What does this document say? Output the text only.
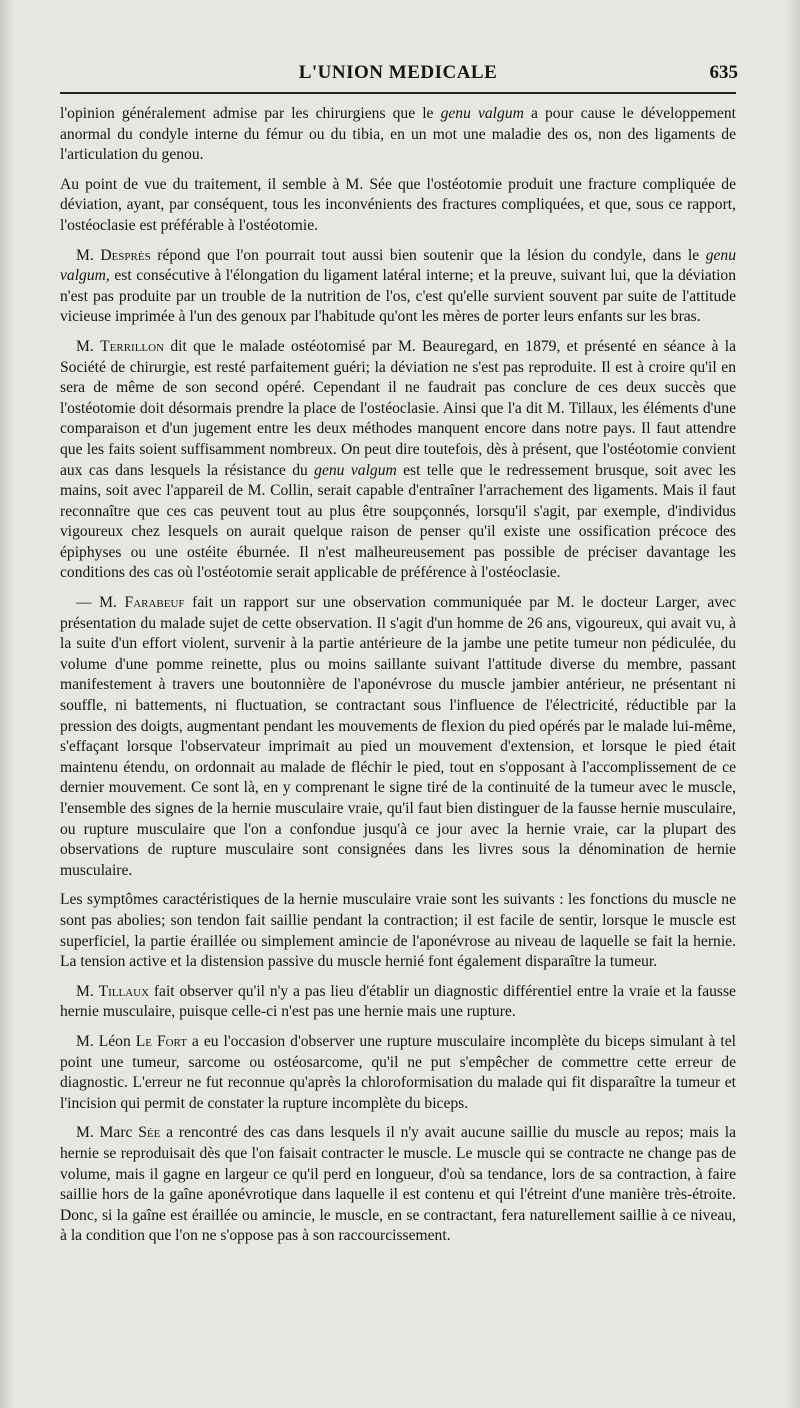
L'UNION MEDICALE	635

l'opinion généralement admise par les chirurgiens que le genu valgum a pour cause le développement anormal du condyle interne du fémur ou du tibia, en un mot une maladie des os, non des ligaments de l'articulation du genou.

Au point de vue du traitement, il semble à M. Sée que l'ostéotomie produit une fracture compliquée de déviation, ayant, par conséquent, tous les inconvénients des fractures compliquées, et que, sous ce rapport, l'ostéoclasie est préférable à l'ostéotomie.

M. Desprès répond que l'on pourrait tout aussi bien soutenir que la lésion du condyle, dans le genu valgum, est consécutive à l'élongation du ligament latéral interne; et la preuve, suivant lui, que la déviation n'est pas produite par un trouble de la nutrition de l'os, c'est qu'elle survient souvent par suite de l'attitude vicieuse imprimée à l'un des genoux par l'habitude qu'ont les mères de porter leurs enfants sur les bras.

M. Terrillon dit que le malade ostéotomisé par M. Beauregard, en 1879, et présenté en séance à la Société de chirurgie, est resté parfaitement guéri; la déviation ne s'est pas reproduite. Il est à croire qu'il en sera de même de son second opéré. Cependant il ne faudrait pas conclure de ces deux succès que l'ostéotomie doit désormais prendre la place de l'ostéoclasie. Ainsi que l'a dit M. Tillaux, les éléments d'une comparaison et d'un jugement entre les deux méthodes manquent encore dans notre pays. Il faut attendre que les faits soient suffisamment nombreux. On peut dire toutefois, dès à présent, que l'ostéotomie convient aux cas dans lesquels la résistance du genu valgum est telle que le redressement brusque, soit avec les mains, soit avec l'appareil de M. Collin, serait capable d'entraîner l'arrachement des ligaments. Mais il faut reconnaître que ces cas peuvent tout au plus être soupçonnés, lorsqu'il s'agit, par exemple, d'individus vigoureux chez lesquels on aurait quelque raison de penser qu'il existe une ossification précoce des épiphyses ou une ostéite éburnée. Il n'est malheureusement pas possible de préciser davantage les conditions des cas où l'ostéotomie serait applicable de préférence à l'ostéoclasie.

— M. Farabeuf fait un rapport sur une observation communiquée par M. le docteur Larger, avec présentation du malade sujet de cette observation. Il s'agit d'un homme de 26 ans, vigoureux, qui avait vu, à la suite d'un effort violent, survenir à la partie antérieure de la jambe une petite tumeur non pédiculée, du volume d'une pomme reinette, plus ou moins saillante suivant l'attitude diverse du membre, passant manifestement à travers une boutonnière de l'aponévrose du muscle jambier antérieur, ne présentant ni souffle, ni battements, ni fluctuation, se contractant sous l'influence de l'électricité, réductible par la pression des doigts, augmentant pendant les mouvements de flexion du pied opérés par le malade lui-même, s'effaçant lorsque l'observateur imprimait au pied un mouvement d'extension, et lorsque le pied était maintenu étendu, on ordonnait au malade de fléchir le pied, tout en s'opposant à l'accomplissement de ce dernier mouvement. Ce sont là, en y comprenant le signe tiré de la continuité de la tumeur avec le muscle, l'ensemble des signes de la hernie musculaire vraie, qu'il faut bien distinguer de la fausse hernie musculaire, ou rupture musculaire que l'on a confondue jusqu'à ce jour avec la hernie vraie, car la plupart des observations de rupture musculaire sont consignées dans les livres sous la dénomination de hernie musculaire.

Les symptômes caractéristiques de la hernie musculaire vraie sont les suivants : les fonctions du muscle ne sont pas abolies; son tendon fait saillie pendant la contraction; il est facile de sentir, lorsque le muscle est superficiel, la partie éraillée ou simplement amincie de l'aponévrose au niveau de laquelle se fait la hernie. La tension active et la distension passive du muscle hernié font également disparaître la tumeur.

M. Tillaux fait observer qu'il n'y a pas lieu d'établir un diagnostic différentiel entre la vraie et la fausse hernie musculaire, puisque celle-ci n'est pas une hernie mais une rupture.

M. Léon Le Fort a eu l'occasion d'observer une rupture musculaire incomplète du biceps simulant à tel point une tumeur, sarcome ou ostéosarcome, qu'il ne put s'empêcher de commettre cette erreur de diagnostic. L'erreur ne fut reconnue qu'après la chloroformisation du malade qui fit disparaître la tumeur et l'incision qui permit de constater la rupture incomplète du biceps.

M. Marc Sée a rencontré des cas dans lesquels il n'y avait aucune saillie du muscle au repos; mais la hernie se reproduisait dès que l'on faisait contracter le muscle. Le muscle qui se contracte ne change pas de volume, mais il gagne en largeur ce qu'il perd en longueur, d'où sa tendance, lors de sa contraction, à faire saillie hors de la gaîne aponévrotique dans laquelle il est contenu et qui l'étreint d'une manière très-étroite. Donc, si la gaîne est éraillée ou amincie, le muscle, en se contractant, fera naturellement saillie à ce niveau, à la condition que l'on ne s'oppose pas à son raccourcissement.
